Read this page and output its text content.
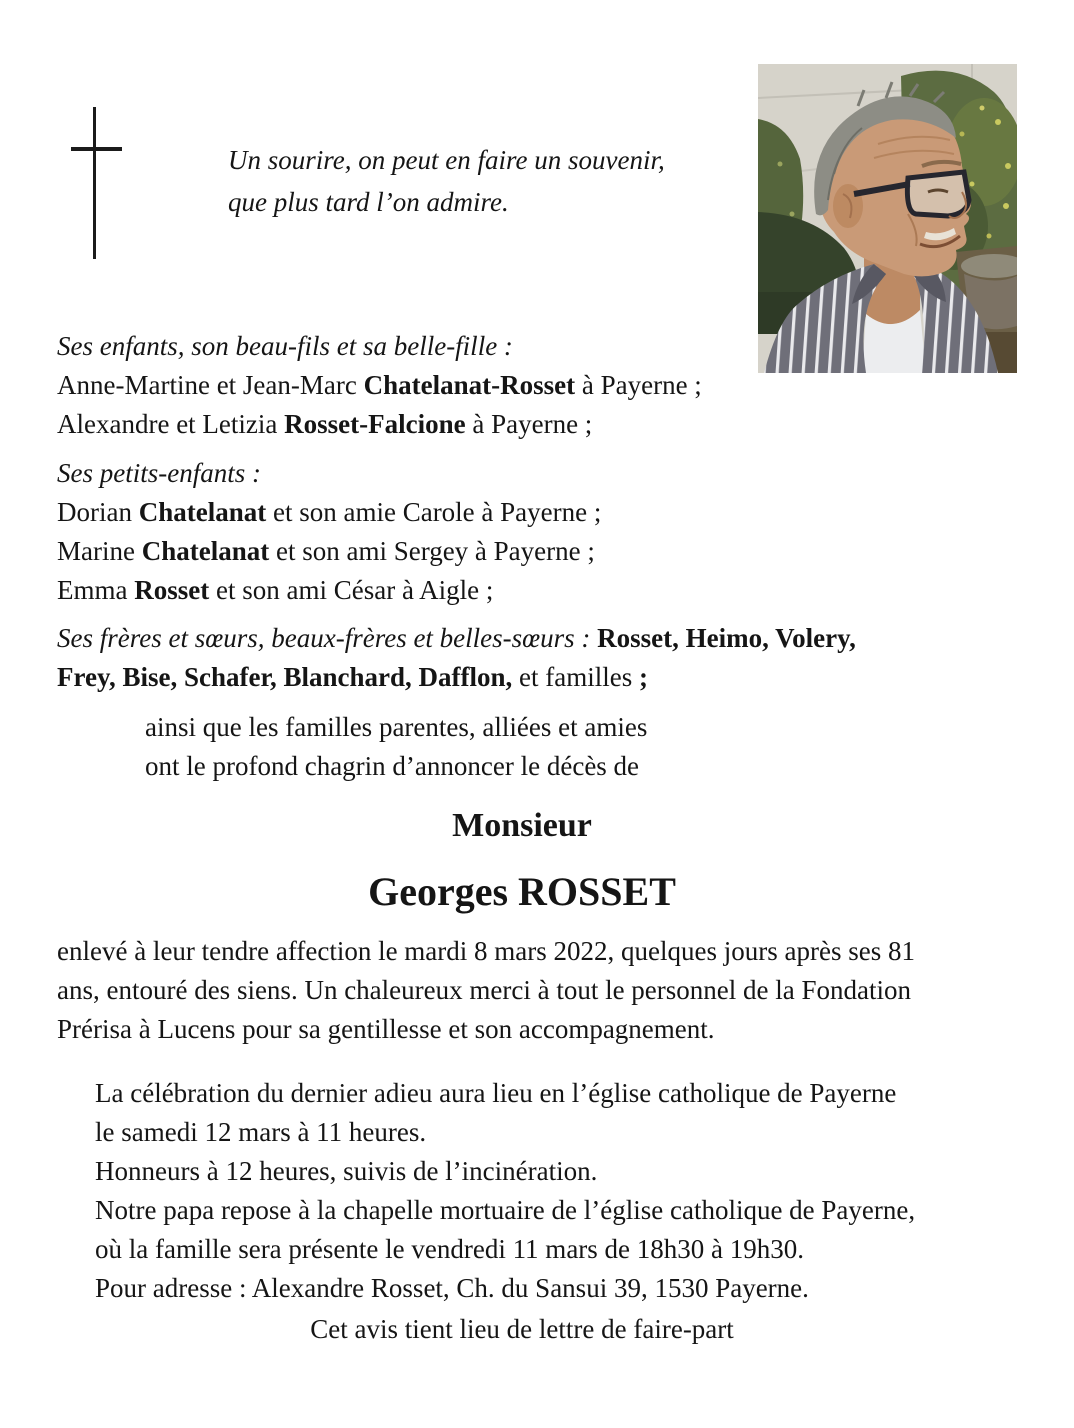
Un sourire, on peut en faire un souvenir,
que plus tard l’on admire.

Ses enfants, son beau-fils et sa belle-fille :

Anne-Martine et Jean-Marc Chatelanat-Rosset à Payerne ;

Alexandre et Letizia Rosset-Falcione à Payerne ;

Ses petits-enfants :

Dorian Chatelanat et son amie Carole à Payerne ;

Marine Chatelanat et son ami Sergey à Payerne ;

Emma Rosset et son ami César à Aigle ;

Ses frères et sœurs, beaux-frères et belles-sœurs : Rosset, Heimo, Volery,

Frey, Bise, Schafer, Blanchard, Dafflon, et familles ;

ainsi que les familles parentes, alliées et amies

ont le profond chagrin d’annoncer le décès de

Monsieur

Georges ROSSET

enlevé à leur tendre affection le mardi 8 mars 2022, quelques jours après ses 81

ans, entouré des siens. Un chaleureux merci à tout le personnel de la Fondation

Prérisa à Lucens pour sa gentillesse et son accompagnement.

La célébration du dernier adieu aura lieu en l’église catholique de Payerne

le samedi 12 mars à 11 heures.

Honneurs à 12 heures, suivis de l’incinération.

Notre papa repose à la chapelle mortuaire de l’église catholique de Payerne,

où la famille sera présente le vendredi 11 mars de 18h30 à 19h30.

Pour adresse : Alexandre Rosset, Ch. du Sansui 39, 1530 Payerne.

Cet avis tient lieu de lettre de faire-part
